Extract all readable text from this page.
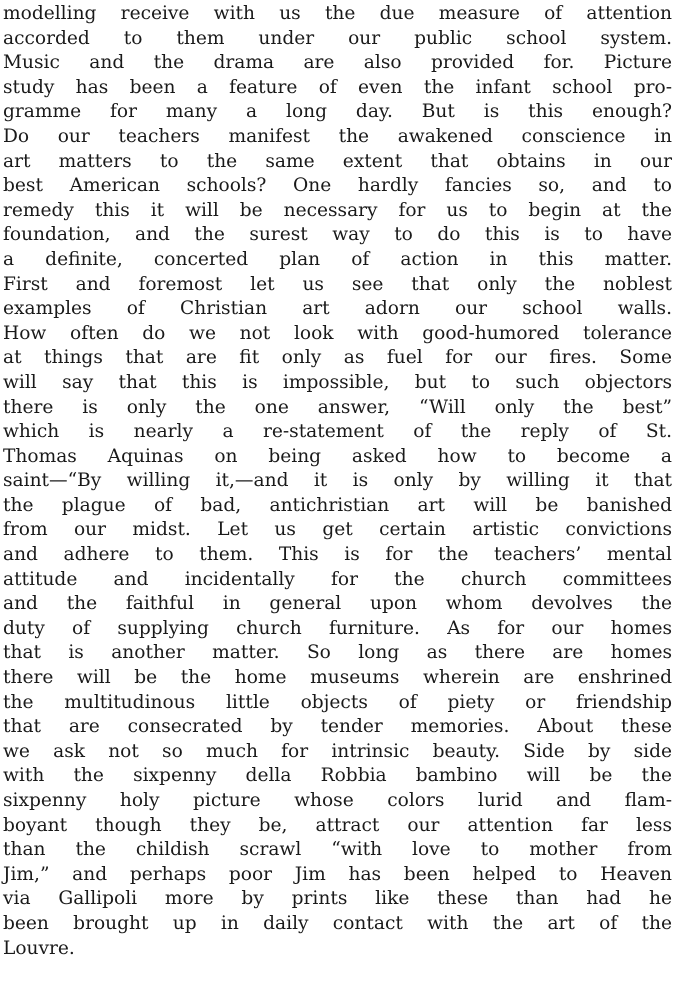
modelling receive with us the due measure of attention
accorded to them under our public school system.
Music and the drama are also provided for. Picture
study has been a feature of even the infant school pro-
gramme for many a long day. But is this enough?
Do our teachers manifest the awakened conscience in
art matters to the same extent that obtains in our
best American schools? One hardly fancies so, and to
remedy this it will be necessary for us to begin at the
foundation, and the surest way to do this is to have
a definite, concerted plan of action in this matter.
First and foremost let us see that only the noblest
examples of Christian art adorn our school walls.
How often do we not look with good-humored tolerance
at things that are fit only as fuel for our fires. Some
will say that this is impossible, but to such objectors
there is only the one answer, “Will only the best”
which is nearly a re-statement of the reply of St.
Thomas Aquinas on being asked how to become a
saint—“By willing it,—and it is only by willing it that
the plague of bad, antichristian art will be banished
from our midst. Let us get certain artistic convictions
and adhere to them. This is for the teachers’ mental
attitude and incidentally for the church committees
and the faithful in general upon whom devolves the
duty of supplying church furniture. As for our homes
that is another matter. So long as there are homes
there will be the home museums wherein are enshrined
the multitudinous little objects of piety or friendship
that are consecrated by tender memories. About these
we ask not so much for intrinsic beauty. Side by side
with the sixpenny della Robbia bambino will be the
sixpenny holy picture whose colors lurid and flam-
boyant though they be, attract our attention far less
than the childish scrawl “with love to mother from
Jim,” and perhaps poor Jim has been helped to Heaven
via Gallipoli more by prints like these than had he
been brought up in daily contact with the art of the
Louvre.
